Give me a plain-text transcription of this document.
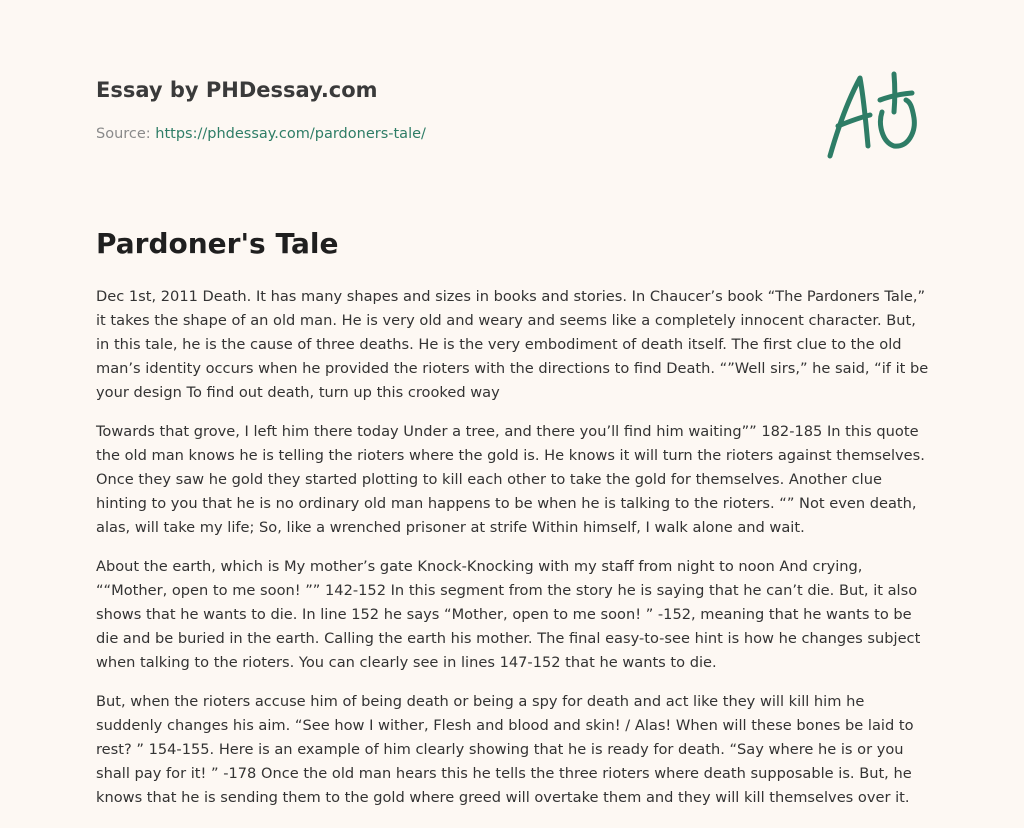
Essay by PHDessay.com
Source: https://phdessay.com/pardoners-tale/
Pardoner's Tale

Dec 1st, 2011 Death. It has many shapes and sizes in books and stories. In Chaucer’s book “The Pardoners Tale,”
it takes the shape of an old man. He is very old and weary and seems like a completely innocent character. But,
in this tale, he is the cause of three deaths. He is the very embodiment of death itself. The first clue to the old
man’s identity occurs when he provided the rioters with the directions to find Death. “”Well sirs,” he said, “if it be
your design To find out death, turn up this crooked way

Towards that grove, I left him there today Under a tree, and there you’ll find him waiting”” 182-185 In this quote
the old man knows he is telling the rioters where the gold is. He knows it will turn the rioters against themselves.
Once they saw he gold they started plotting to kill each other to take the gold for themselves. Another clue
hinting to you that he is no ordinary old man happens to be when he is talking to the rioters. “” Not even death,
alas, will take my life; So, like a wrenched prisoner at strife Within himself, I walk alone and wait.

About the earth, which is My mother’s gate Knock-Knocking with my staff from night to noon And crying,
““Mother, open to me soon! ”” 142-152 In this segment from the story he is saying that he can’t die. But, it also
shows that he wants to die. In line 152 he says “Mother, open to me soon! ” -152, meaning that he wants to be
die and be buried in the earth. Calling the earth his mother. The final easy-to-see hint is how he changes subject
when talking to the rioters. You can clearly see in lines 147-152 that he wants to die.

But, when the rioters accuse him of being death or being a spy for death and act like they will kill him he
suddenly changes his aim. “See how I wither, Flesh and blood and skin! / Alas! When will these bones be laid to
rest? ” 154-155. Here is an example of him clearly showing that he is ready for death. “Say where he is or you
shall pay for it! ” -178 Once the old man hears this he tells the three rioters where death supposable is. But, he
knows that he is sending them to the gold where greed will overtake them and they will kill themselves over it.
